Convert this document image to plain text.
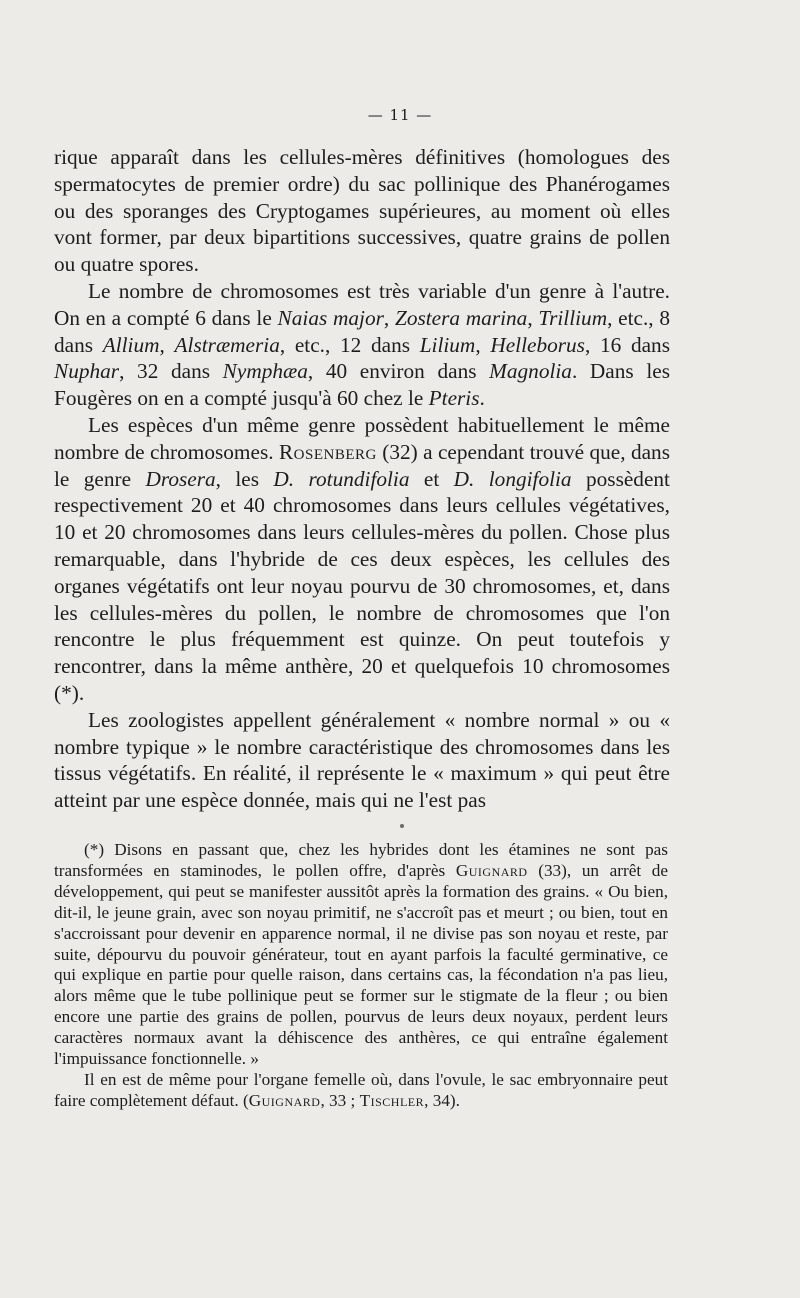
— 11 —

rique apparaît dans les cellules-mères définitives (homologues des spermatocytes de premier ordre) du sac pollinique des Phanérogames ou des sporanges des Cryptogames supérieures, au moment où elles vont former, par deux bipartitions successives, quatre grains de pollen ou quatre spores.

Le nombre de chromosomes est très variable d'un genre à l'autre. On en a compté 6 dans le Naias major, Zostera marina, Trillium, etc., 8 dans Allium, Alstræmeria, etc., 12 dans Lilium, Helleborus, 16 dans Nuphar, 32 dans Nymphæa, 40 environ dans Magnolia. Dans les Fougères on en a compté jusqu'à 60 chez le Pteris.

Les espèces d'un même genre possèdent habituellement le même nombre de chromosomes. Rosenberg (32) a cependant trouvé que, dans le genre Drosera, les D. rotundifolia et D. longifolia possèdent respectivement 20 et 40 chromosomes dans leurs cellules végétatives, 10 et 20 chromosomes dans leurs cellules-mères du pollen. Chose plus remarquable, dans l'hybride de ces deux espèces, les cellules des organes végétatifs ont leur noyau pourvu de 30 chromosomes, et, dans les cellules-mères du pollen, le nombre de chromosomes que l'on rencontre le plus fréquemment est quinze. On peut toutefois y rencontrer, dans la même anthère, 20 et quelquefois 10 chromosomes (*).

Les zoologistes appellent généralement « nombre normal » ou « nombre typique » le nombre caractéristique des chromosomes dans les tissus végétatifs. En réalité, il représente le « maximum » qui peut être atteint par une espèce donnée, mais qui ne l'est pas

(*) Disons en passant que, chez les hybrides dont les étamines ne sont pas transformées en staminodes, le pollen offre, d'après Guignard (33), un arrêt de développement, qui peut se manifester aussitôt après la formation des grains. « Ou bien, dit-il, le jeune grain, avec son noyau primitif, ne s'accroît pas et meurt ; ou bien, tout en s'accroissant pour devenir en apparence normal, il ne divise pas son noyau et reste, par suite, dépourvu du pouvoir générateur, tout en ayant parfois la faculté germinative, ce qui explique en partie pour quelle raison, dans certains cas, la fécondation n'a pas lieu, alors même que le tube pollinique peut se former sur le stigmate de la fleur ; ou bien encore une partie des grains de pollen, pourvus de leurs deux noyaux, perdent leurs caractères normaux avant la déhiscence des anthères, ce qui entraîne également l'impuissance fonctionnelle. »

Il en est de même pour l'organe femelle où, dans l'ovule, le sac embryonnaire peut faire complètement défaut. (Guignard, 33 ; Tischler, 34).
